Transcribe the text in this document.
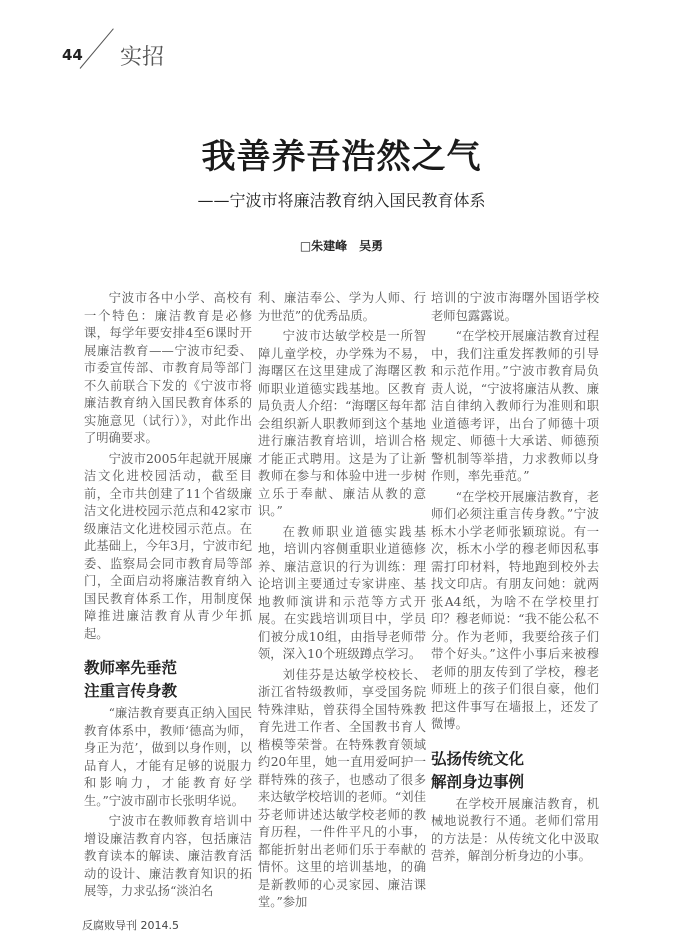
44 实招
我善养吾浩然之气
——宁波市将廉洁教育纳入国民教育体系
□朱建峰　吴勇

宁波市各中小学、高校有一个特色：廉洁教育是必修课，每学年要安排4至6课时开展廉洁教育——宁波市纪委、市委宣传部、市教育局等部门不久前联合下发的《宁波市将廉洁教育纳入国民教育体系的实施意见（试行）》，对此作出了明确要求。

宁波市2005年起就开展廉洁文化进校园活动，截至目前，全市共创建了11个省级廉洁文化进校园示范点和42家市级廉洁文化进校园示范点。在此基础上，今年3月，宁波市纪委、监察局会同市教育局等部门，全面启动将廉洁教育纳入国民教育体系工作，用制度保障推进廉洁教育从青少年抓起。

教师率先垂范
注重言传身教

“廉洁教育要真正纳入国民教育体系中，教师‘德高为师，身正为范’，做到以身作则，以品育人，才能有足够的说服力和影响力，才能教育好学生。”宁波市副市长张明华说。

宁波市在教师教育培训中增设廉洁教育内容，包括廉洁教育读本的解读、廉洁教育活动的设计、廉洁教育知识的拓展等，力求弘扬“淡泊名

利、廉洁奉公、学为人师、行为世范”的优秀品质。

宁波市达敏学校是一所智障儿童学校，办学殊为不易，海曙区在这里建成了海曙区教师职业道德实践基地。区教育局负责人介绍：“海曙区每年都会组织新人职教师到这个基地进行廉洁教育培训，培训合格才能正式聘用。这是为了让新教师在参与和体验中进一步树立乐于奉献、廉洁从教的意识。”

在教师职业道德实践基地，培训内容侧重职业道德修养、廉洁意识的行为训练：理论培训主要通过专家讲座、基地教师演讲和示范等方式开展。在实践培训项目中，学员们被分成10组，由指导老师带领，深入10个班级蹲点学习。

刘佳芬是达敏学校校长、浙江省特级教师，享受国务院特殊津贴，曾获得全国特殊教育先进工作者、全国教书育人楷模等荣誉。在特殊教育领域约20年里，她一直用爱呵护一群特殊的孩子，也感动了很多来达敏学校培训的老师。“刘佳芬老师讲述达敏学校老师的教育历程，一件件平凡的小事，都能折射出老师们乐于奉献的情怀。这里的培训基地，的确是新教师的心灵家园、廉洁课堂。”参加

培训的宁波市海曙外国语学校老师包露露说。

“在学校开展廉洁教育过程中，我们注重发挥教师的引导和示范作用。”宁波市教育局负责人说，“宁波将廉洁从教、廉洁自律纳入教师行为准则和职业道德考评，出台了师德十项规定、师德十大承诺、师德预警机制等举措，力求教师以身作则，率先垂范。”

“在学校开展廉洁教育，老师们必须注重言传身教。”宁波栎木小学老师张颖琼说。有一次，栎木小学的穆老师因私事需打印材料，特地跑到校外去找文印店。有朋友问她：就两张A4纸，为啥不在学校里打印？穆老师说：“我不能公私不分。作为老师，我要给孩子们带个好头。”这件小事后来被穆老师的朋友传到了学校，穆老师班上的孩子们很自豪，他们把这件事写在墙报上，还发了微博。

弘扬传统文化
解剖身边事例

在学校开展廉洁教育，机械地说教行不通。老师们常用的方法是：从传统文化中汲取营养，解剖分析身边的小事。

反腐败导刊 2014.5
